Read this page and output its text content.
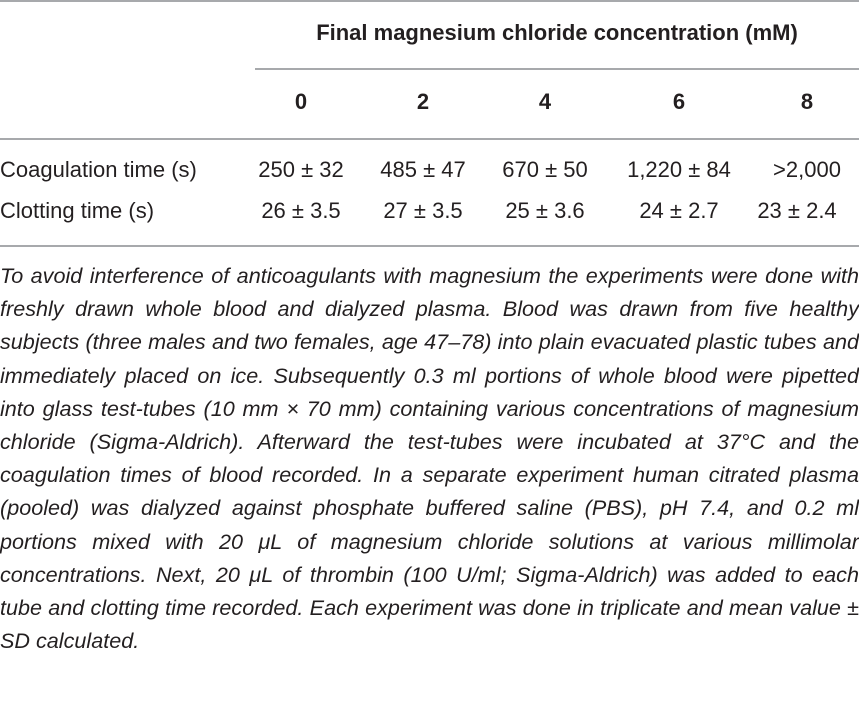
Final magnesium chloride concentration (mM)
0	2	4	6	8
Coagulation time (s)	250 ± 32	485 ± 47	670 ± 50	1,220 ± 84	>2,000
Clotting time (s)	26 ± 3.5	27 ± 3.5	25 ± 3.6	24 ± 2.7	23 ± 2.4

To avoid interference of anticoagulants with magnesium the experiments were done with freshly drawn whole blood and dialyzed plasma. Blood was drawn from five healthy subjects (three males and two females, age 47–78) into plain evacuated plastic tubes and immediately placed on ice. Subsequently 0.3 ml portions of whole blood were pipetted into glass test-tubes (10 mm × 70 mm) containing various concentrations of magnesium chloride (Sigma-Aldrich). Afterward the test-tubes were incubated at 37°C and the coagulation times of blood recorded. In a separate experiment human citrated plasma (pooled) was dialyzed against phosphate buffered saline (PBS), pH 7.4, and 0.2 ml portions mixed with 20 μL of magnesium chloride solutions at various millimolar concentrations. Next, 20 μL of thrombin (100 U/ml; Sigma-Aldrich) was added to each tube and clotting time recorded. Each experiment was done in triplicate and mean value ± SD calculated.
